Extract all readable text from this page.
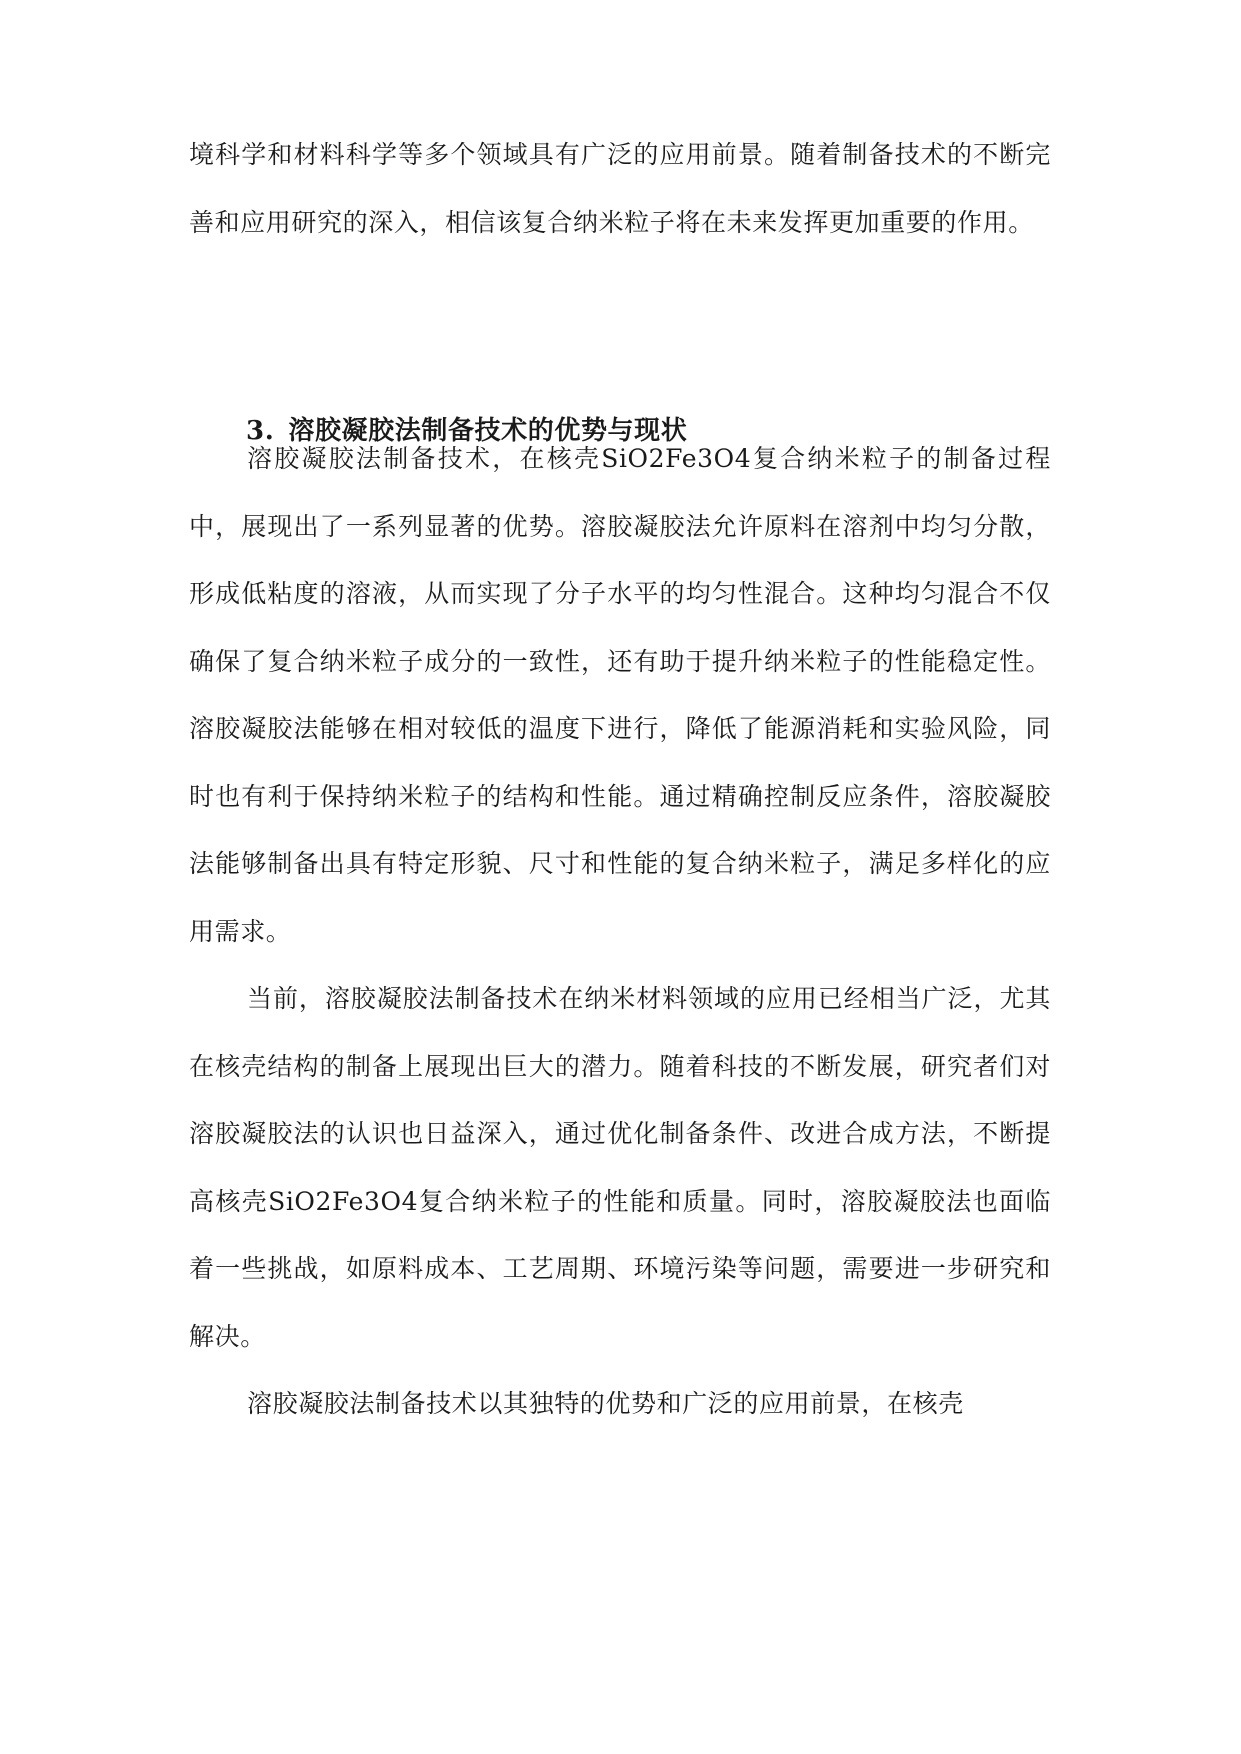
境科学和材料科学等多个领域具有广泛的应用前景。随着制备技术的不断完善和应用研究的深入，相信该复合纳米粒子将在未来发挥更加重要的作用。

3. 溶胶凝胶法制备技术的优势与现状

溶胶凝胶法制备技术，在核壳SiO2Fe3O4复合纳米粒子的制备过程中，展现出了一系列显著的优势。溶胶凝胶法允许原料在溶剂中均匀分散，形成低粘度的溶液，从而实现了分子水平的均匀性混合。这种均匀混合不仅确保了复合纳米粒子成分的一致性，还有助于提升纳米粒子的性能稳定性。溶胶凝胶法能够在相对较低的温度下进行，降低了能源消耗和实验风险，同时也有利于保持纳米粒子的结构和性能。通过精确控制反应条件，溶胶凝胶法能够制备出具有特定形貌、尺寸和性能的复合纳米粒子，满足多样化的应用需求。

当前，溶胶凝胶法制备技术在纳米材料领域的应用已经相当广泛，尤其在核壳结构的制备上展现出巨大的潜力。随着科技的不断发展，研究者们对溶胶凝胶法的认识也日益深入，通过优化制备条件、改进合成方法，不断提高核壳SiO2Fe3O4复合纳米粒子的性能和质量。同时，溶胶凝胶法也面临着一些挑战，如原料成本、工艺周期、环境污染等问题，需要进一步研究和解决。

溶胶凝胶法制备技术以其独特的优势和广泛的应用前景，在核壳
